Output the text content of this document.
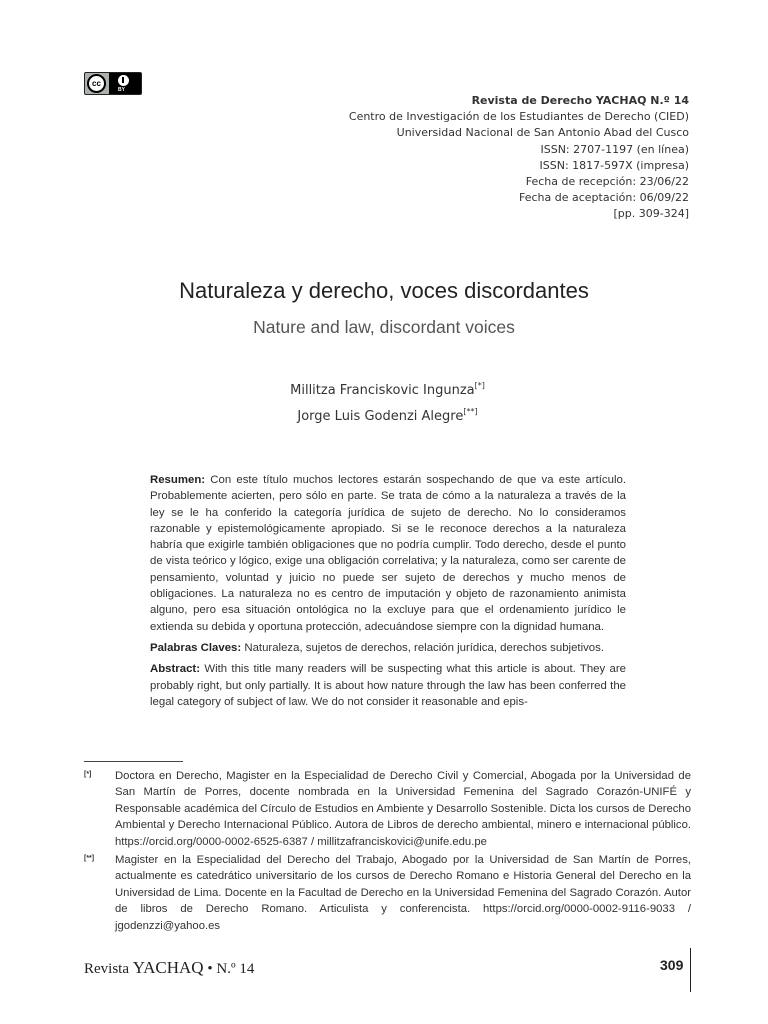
cc
BY
Revista de Derecho YACHAQ N.º 14
Centro de Investigación de los Estudiantes de Derecho (CIED)
Universidad Nacional de San Antonio Abad del Cusco
ISSN: 2707-1197 (en línea)
ISSN: 1817-597X (impresa)
Fecha de recepción: 23/06/22
Fecha de aceptación: 06/09/22
[pp. 309-324]
Naturaleza y derecho, voces discordantes
Nature and law, discordant voices
Millitza Franciskovic Ingunza[*]
Jorge Luis Godenzi Alegre[**]

Resumen: Con este título muchos lectores estarán sospechando de que va este artículo. Probablemente acierten, pero sólo en parte. Se trata de cómo a la naturaleza a través de la ley se le ha conferido la categoría jurídica de sujeto de derecho. No lo consideramos razonable y epistemológicamente apropiado. Si se le reconoce derechos a la naturaleza habría que exigirle también obligaciones que no podría cumplir. Todo derecho, desde el punto de vista teórico y lógico, exige una obligación correlativa; y la naturaleza, como ser carente de pensamiento, voluntad y juicio no puede ser sujeto de derechos y mucho menos de obligaciones. La naturaleza no es centro de imputación y objeto de razonamiento animista alguno, pero esa situación ontológica no la excluye para que el ordenamiento jurídico le extienda su debida y oportuna protección, adecuándose siempre con la dignidad humana.

Palabras Claves: Naturaleza, sujetos de derechos, relación jurídica, derechos subjetivos.

Abstract: With this title many readers will be suspecting what this article is about. They are probably right, but only partially. It is about how nature through the law has been conferred the legal category of subject of law. We do not consider it reasonable and epis-

[*] Doctora en Derecho, Magister en la Especialidad de Derecho Civil y Comercial, Abogada por la Universidad de San Martín de Porres, docente nombrada en la Universidad Femenina del Sagrado Corazón-UNIFÉ y Responsable académica del Círculo de Estudios en Ambiente y Desarrollo Sostenible. Dicta los cursos de Derecho Ambiental y Derecho Internacional Público. Autora de Libros de derecho ambiental, minero e internacional público. https://orcid.org/0000-0002-6525-6387 / millitzafranciskovici@unife.edu.pe
[**] Magister en la Especialidad del Derecho del Trabajo, Abogado por la Universidad de San Martín de Porres, actualmente es catedrático universitario de los cursos de Derecho Romano e Historia General del Derecho en la Universidad de Lima. Docente en la Facultad de Derecho en la Universidad Femenina del Sagrado Corazón. Autor de libros de Derecho Romano. Articulista y conferencista. https://orcid.org/0000-0002-9116-9033 / jgodenzzi@yahoo.es
Revista YACHAQ • N.º 14	309
